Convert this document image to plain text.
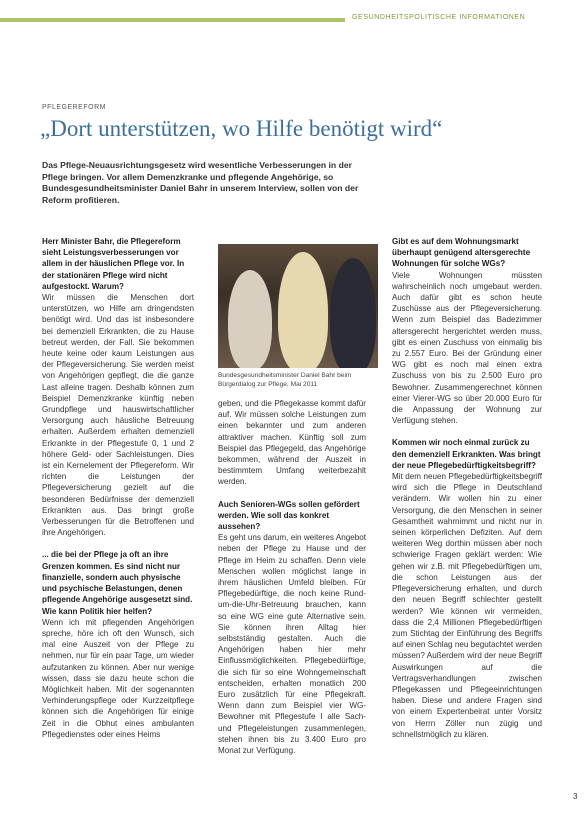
GESUNDHEITSPOLITISCHE INFORMATIONEN
PFLEGEREFORM
„Dort unterstützen, wo Hilfe benötigt wird“
Das Pflege-Neuausrichtungsgesetz wird wesentliche Verbesserungen in der Pflege bringen. Vor allem Demenzkranke und pflegende Angehörige, so Bundesgesundheitsminister Daniel Bahr in unserem Interview, sollen von der Reform profitieren.

Herr Minister Bahr, die Pflegereform sieht Leistungsverbesserungen vor allem in der häuslichen Pflege vor. In der stationären Pflege wird nicht aufgestockt. Warum?

Wir müssen die Menschen dort unterstützen, wo Hilfe am dringendsten benötigt wird. Und das ist insbesondere bei demenziell Erkrankten, die zu Hause betreut werden, der Fall. Sie bekommen heute keine oder kaum Leistungen aus der Pflegeversicherung. Sie werden meist von Angehörigen gepflegt, die die ganze Last alleine tragen. Deshalb können zum Beispiel Demenzkranke künftig neben Grundpflege und hauswirtschaftlicher Versorgung auch häusliche Betreuung erhalten. Außerdem erhalten demenziell Erkrankte in der Pflegestufe 0, 1 und 2 höhere Geld- oder Sachleistungen. Dies ist ein Kernelement der Pflegereform. Wir richten die Leistungen der Pflegeversicherung gezielt auf die besonderen Bedürfnisse der demenziell Erkrankten aus. Das bringt große Verbesserungen für die Betroffenen und ihre Angehörigen.

... die bei der Pflege ja oft an ihre Grenzen kommen. Es sind nicht nur finanzielle, sondern auch physische und psychische Belastungen, denen pflegende Angehörige ausgesetzt sind. Wie kann Politik hier helfen?

Wenn ich mit pflegenden Angehörigen spreche, höre ich oft den Wunsch, sich mal eine Auszeit von der Pflege zu nehmen, nur für ein paar Tage, um wieder aufzutanken zu können. Aber nur wenige wissen, dass sie dazu heute schon die Möglichkeit haben. Mit der sogenannten Verhinderungspflege oder Kurzzeitpflege können sich die Angehörigen für einige Zeit in die Obhut eines ambulanten Pflegedienstes oder eines Heims

Bundesgesundheitsminister Daniel Bahr beim Bürgerdialog zur Pflege, Mai 2011

geben, und die Pflegekasse kommt dafür auf. Wir müssen solche Leistungen zum einen bekannter und zum anderen attraktiver machen. Künftig soll zum Beispiel das Pflegegeld, das Angehörige bekommen, während der Auszeit in bestimmtem Umfang weiterbezahlt werden.

Auch Senioren-WGs sollen gefördert werden. Wie soll das konkret aussehen?

Es geht uns darum, ein weiteres Angebot neben der Pflege zu Hause und der Pflege im Heim zu schaffen. Denn viele Menschen wollen möglichst lange in ihrem häuslichen Umfeld bleiben. Für Pflegebedürftige, die noch keine Rund-um-die-Uhr-Betreuung brauchen, kann so eine WG eine gute Alternative sein. Sie können ihren Alltag hier selbstständig gestalten. Auch die Angehörigen haben hier mehr Einflussmöglichkeiten. Pflegebedürftige, die sich für so eine Wohngemeinschaft entscheiden, erhalten monatlich 200 Euro zusätzlich für eine Pflegekraft. Wenn dann zum Beispiel vier WG-Bewohner mit Pflegestufe I alle Sach- und Pflegeleistungen zusammenlegen, stehen ihnen bis zu 3.400 Euro pro Monat zur Verfügung.

Gibt es auf dem Wohnungsmarkt überhaupt genügend altersgerechte Wohnungen für solche WGs?

Viele Wohnungen müssten wahrscheinlich noch umgebaut werden. Auch dafür gibt es schon heute Zuschüsse aus der Pflegeversicherung. Wenn zum Beispiel das Badezimmer altersgerecht hergerichtet werden muss, gibt es einen Zuschuss von einmalig bis zu 2.557 Euro. Bei der Gründung einer WG gibt es noch mal einen extra Zuschuss von bis zu 2.500 Euro pro Bewohner. Zusammengerechnet können einer Vierer-WG so über 20.000 Euro für die Anpassung der Wohnung zur Verfügung stehen.

Kommen wir noch einmal zurück zu den demenziell Erkrankten. Was bringt der neue Pflegebedürftigkeitsbegriff?

Mit dem neuen Pflegebedürftigkeitsbegriff wird sich die Pflege in Deutschland verändern. Wir wollen hin zu einer Versorgung, die den Menschen in seiner Gesamtheit wahrnimmt und nicht nur in seinen körperlichen Defiziten. Auf dem weiteren Weg dorthin müssen aber noch schwierige Fragen geklärt werden: Wie gehen wir z.B. mit Pflegebedürftigen um, die schon Leistungen aus der Pflegeversicherung erhalten, und durch den neuen Begriff schlechter gestellt werden? Wie können wir vermeiden, dass die 2,4 Millionen Pflegebedürftigen zum Stichtag der Einführung des Begriffs auf einen Schlag neu begutachtet werden müssen? Außerdem wird der neue Begriff Auswirkungen auf die Vertragsverhandlungen zwischen Pflegekassen und Pflegeeinrichtungen haben. Diese und andere Fragen sind von einem Expertenbeirat unter Vorsitz von Herrn Zöller nun zügig und schnellstmöglich zu klären.

3
